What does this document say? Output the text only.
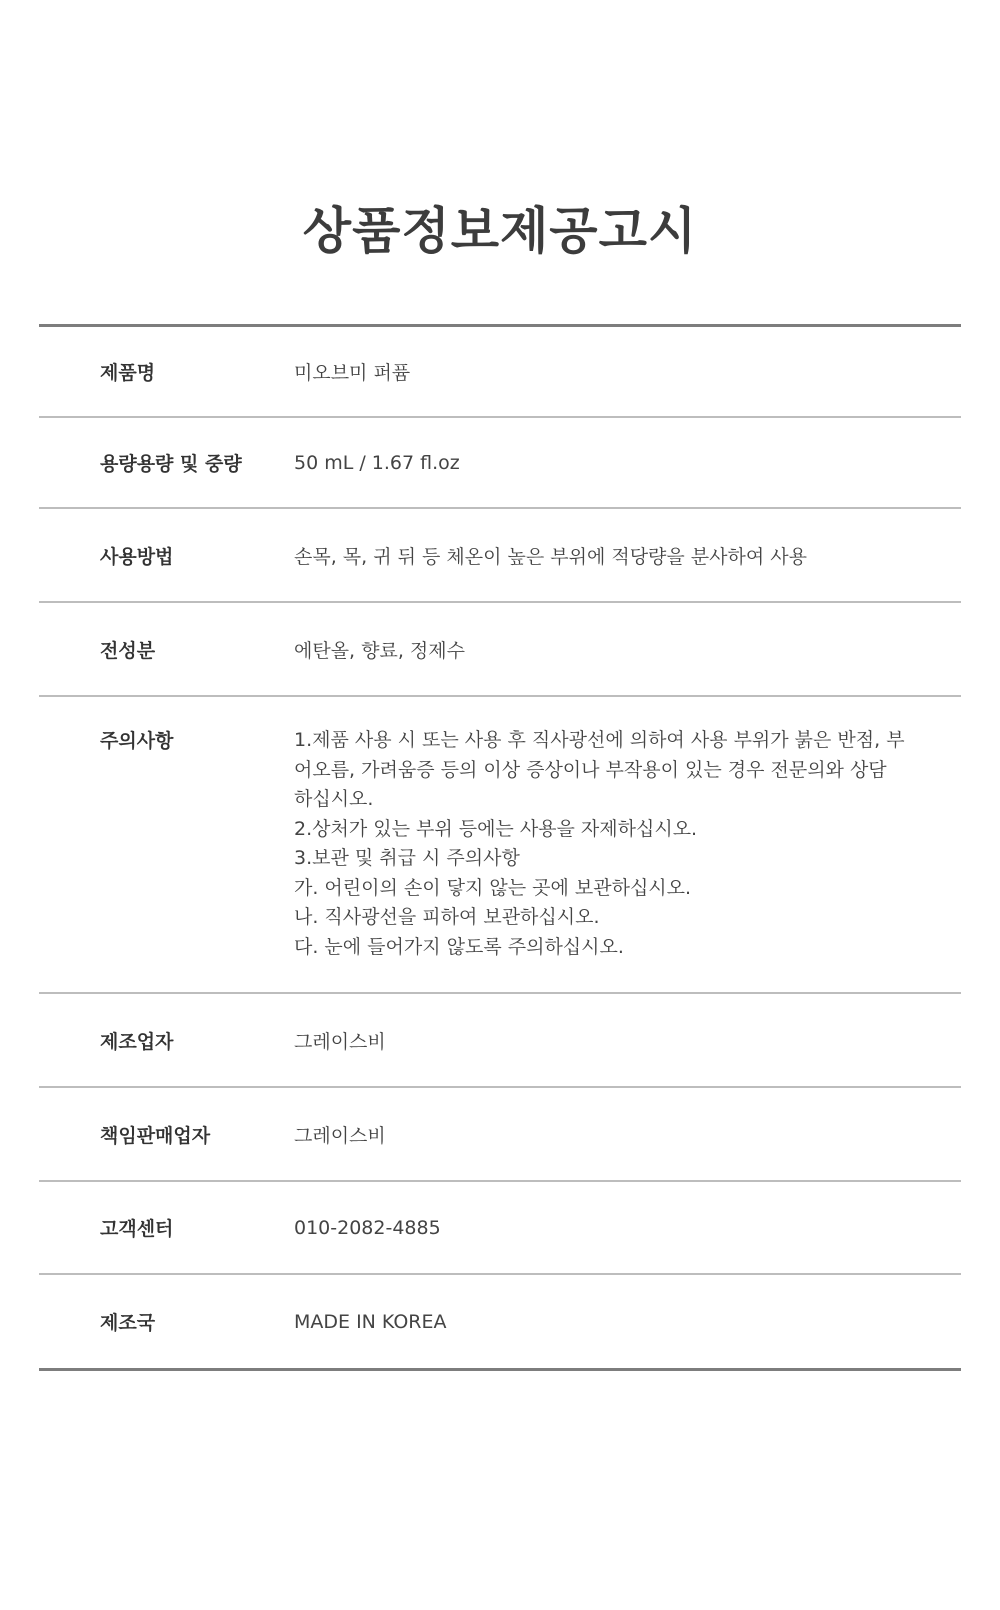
상품정보제공고시
제품명	미오브미 퍼퓸
용량용량 및 중량	50 mL / 1.67 fl.oz
사용방법	손목, 목, 귀 뒤 등 체온이 높은 부위에 적당량을 분사하여 사용
전성분	에탄올, 향료, 정제수
주의사항	1.제품 사용 시 또는 사용 후 직사광선에 의하여 사용 부위가 붉은 반점, 부
어오름, 가려움증 등의 이상 증상이나 부작용이 있는 경우 전문의와 상담
하십시오.
2.상처가 있는 부위 등에는 사용을 자제하십시오.
3.보관 및 취급 시 주의사항
가. 어린이의 손이 닿지 않는 곳에 보관하십시오.
나. 직사광선을 피하여 보관하십시오.
다. 눈에 들어가지 않도록 주의하십시오.
제조업자	그레이스비
책임판매업자	그레이스비
고객센터	010-2082-4885
제조국	MADE IN KOREA
